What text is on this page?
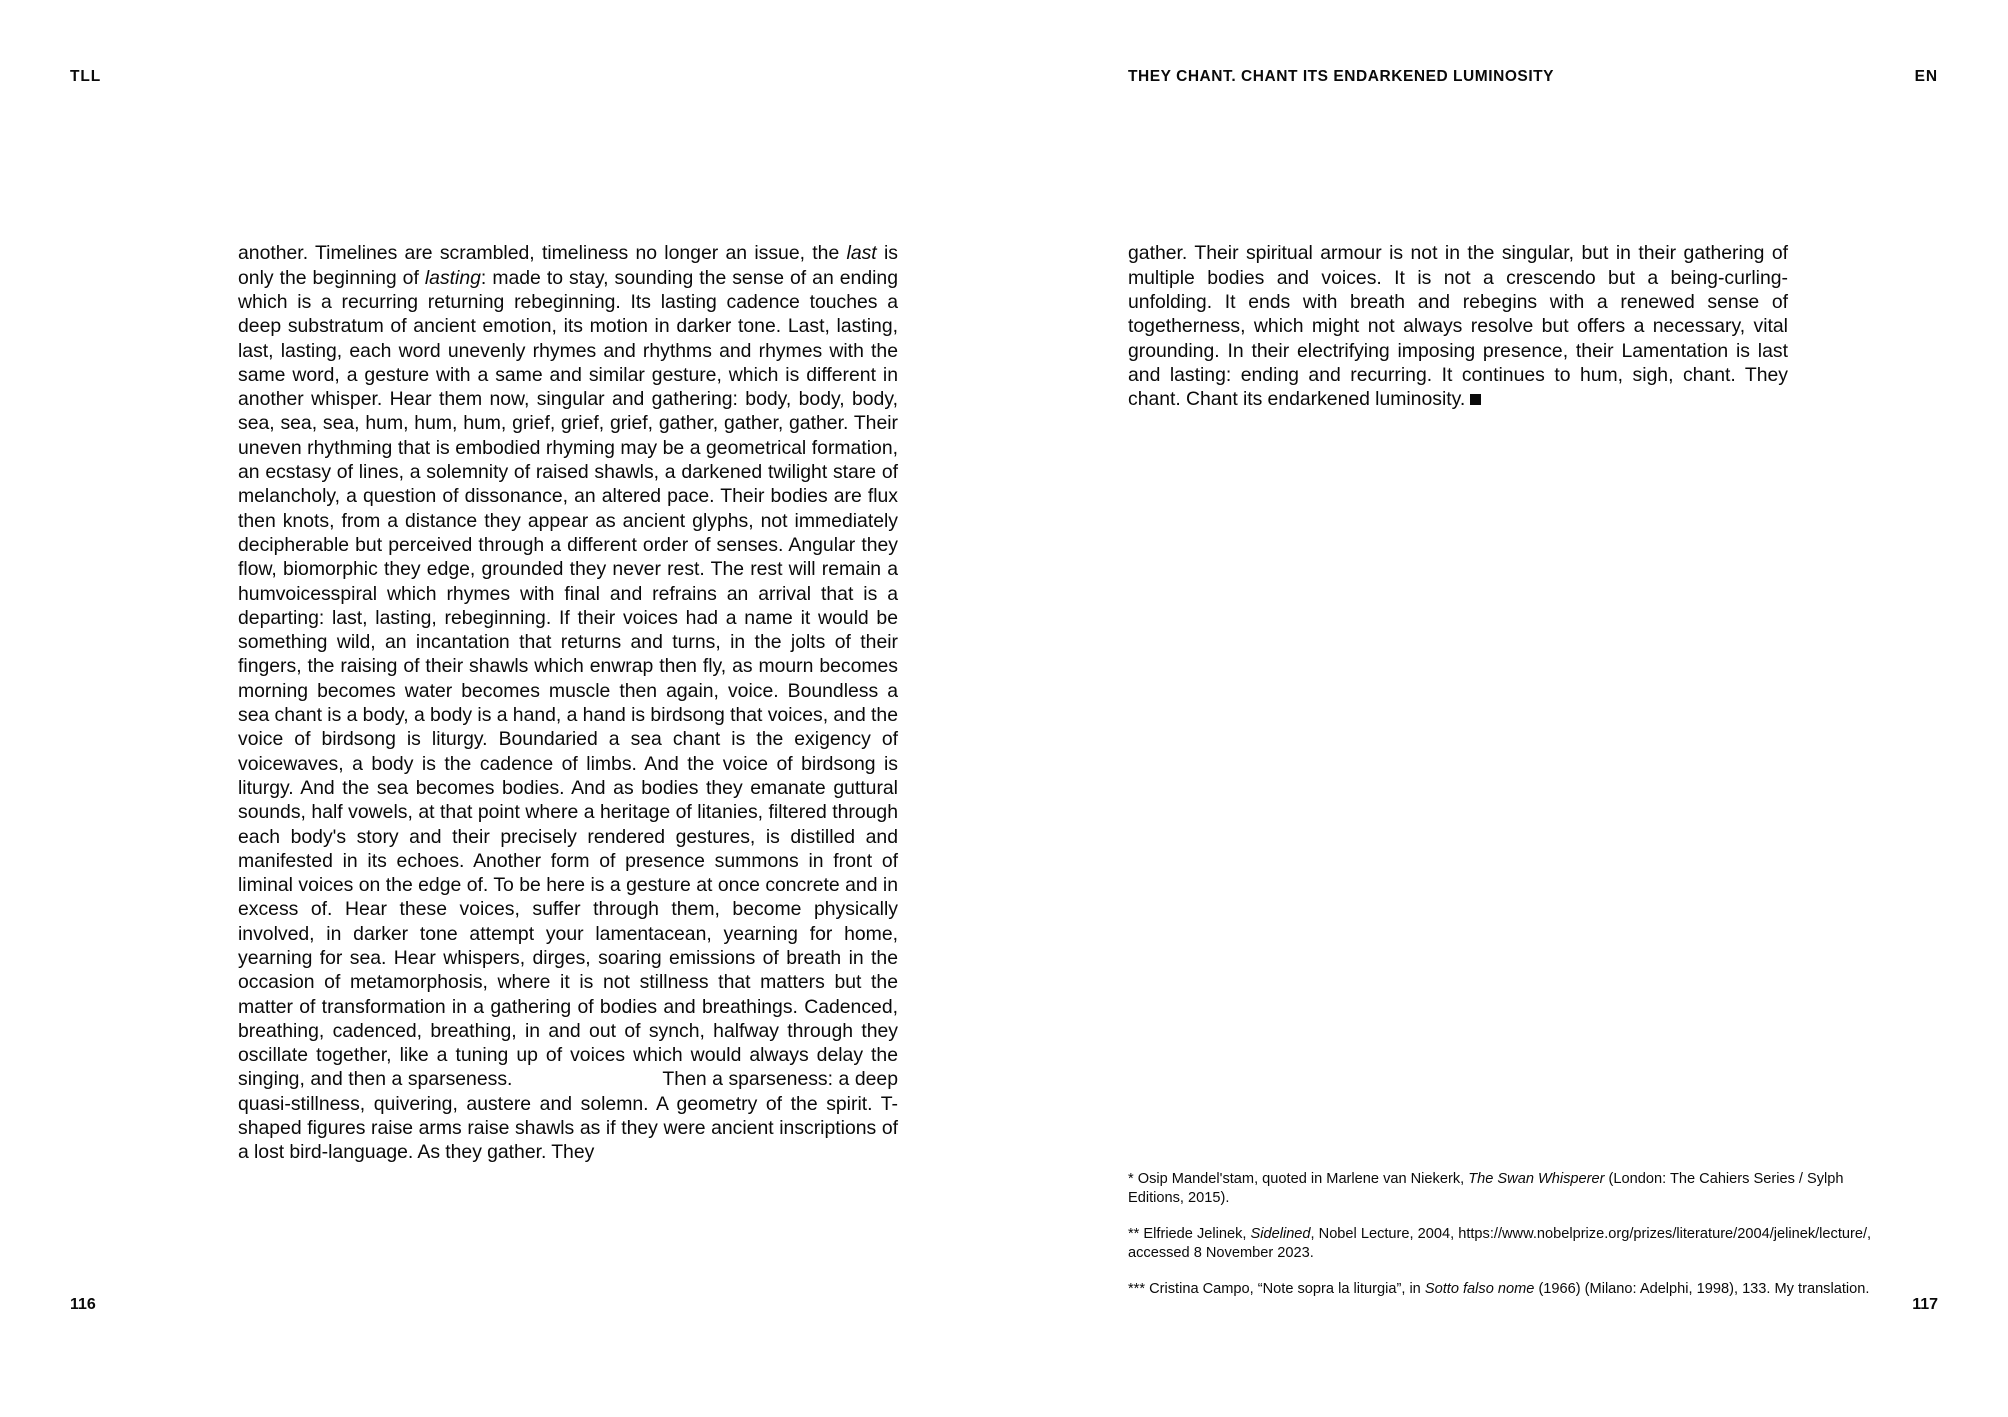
TLL	THEY CHANT. CHANT ITS ENDARKENED LUMINOSITY	EN

another. Timelines are scrambled, timeliness no longer an issue, the last is only the beginning of lasting: made to stay, sounding the sense of an ending which is a recurring returning rebeginning. Its lasting cadence touches a deep substratum of ancient emotion, its motion in darker tone. Last, lasting, last, lasting, each word unevenly rhymes and rhythms and rhymes with the same word, a gesture with a same and similar gesture, which is different in another whisper. Hear them now, singular and gathering: body, body, body, sea, sea, sea, hum, hum, hum, grief, grief, grief, gather, gather, gather. Their uneven rhythming that is embodied rhyming may be a geometrical formation, an ecstasy of lines, a solemnity of raised shawls, a darkened twilight stare of melancholy, a question of dissonance, an altered pace. Their bodies are flux then knots, from a distance they appear as ancient glyphs, not immediately decipherable but perceived through a different order of senses. Angular they flow, biomorphic they edge, grounded they never rest. The rest will remain a humvoicesspiral which rhymes with final and refrains an arrival that is a departing: last, lasting, rebeginning. If their voices had a name it would be something wild, an incantation that returns and turns, in the jolts of their fingers, the raising of their shawls which enwrap then fly, as mourn becomes morning becomes water becomes muscle then again, voice. Boundless a sea chant is a body, a body is a hand, a hand is birdsong that voices, and the voice of birdsong is liturgy. Boundaried a sea chant is the exigency of voicewaves, a body is the cadence of limbs. And the voice of birdsong is liturgy. And the sea becomes bodies. And as bodies they emanate guttural sounds, half vowels, at that point where a heritage of litanies, filtered through each body's story and their precisely rendered gestures, is distilled and manifested in its echoes. Another form of presence summons in front of liminal voices on the edge of. To be here is a gesture at once concrete and in excess of. Hear these voices, suffer through them, become physically involved, in darker tone attempt your lamentacean, yearning for home, yearning for sea. Hear whispers, dirges, soaring emissions of breath in the occasion of metamorphosis, where it is not stillness that matters but the matter of transformation in a gathering of bodies and breathings. Cadenced, breathing, cadenced, breathing, in and out of synch, halfway through they oscillate together, like a tuning up of voices which would always delay the singing, and then a sparseness.	Then a sparseness: a deep quasi-stillness, quivering, austere and solemn. A geometry of the spirit. T-shaped figures raise arms raise shawls as if they were ancient inscriptions of a lost bird-language. As they gather. They

gather. Their spiritual armour is not in the singular, but in their gathering of multiple bodies and voices. It is not a crescendo but a being-curling-unfolding. It ends with breath and rebegins with a renewed sense of togetherness, which might not always resolve but offers a necessary, vital grounding. In their electrifying imposing presence, their Lamentation is last and lasting: ending and recurring. It continues to hum, sigh, chant. They chant. Chant its endarkened luminosity.

* Osip Mandel'stam, quoted in Marlene van Niekerk, The Swan Whisperer (London: The Cahiers Series / Sylph Editions, 2015).
** Elfriede Jelinek, Sidelined, Nobel Lecture, 2004, https://www.nobelprize.org/prizes/literature/2004/jelinek/lecture/, accessed 8 November 2023.
*** Cristina Campo, “Note sopra la liturgia”, in Sotto falso nome (1966) (Milano: Adelphi, 1998), 133. My translation.
116	117
